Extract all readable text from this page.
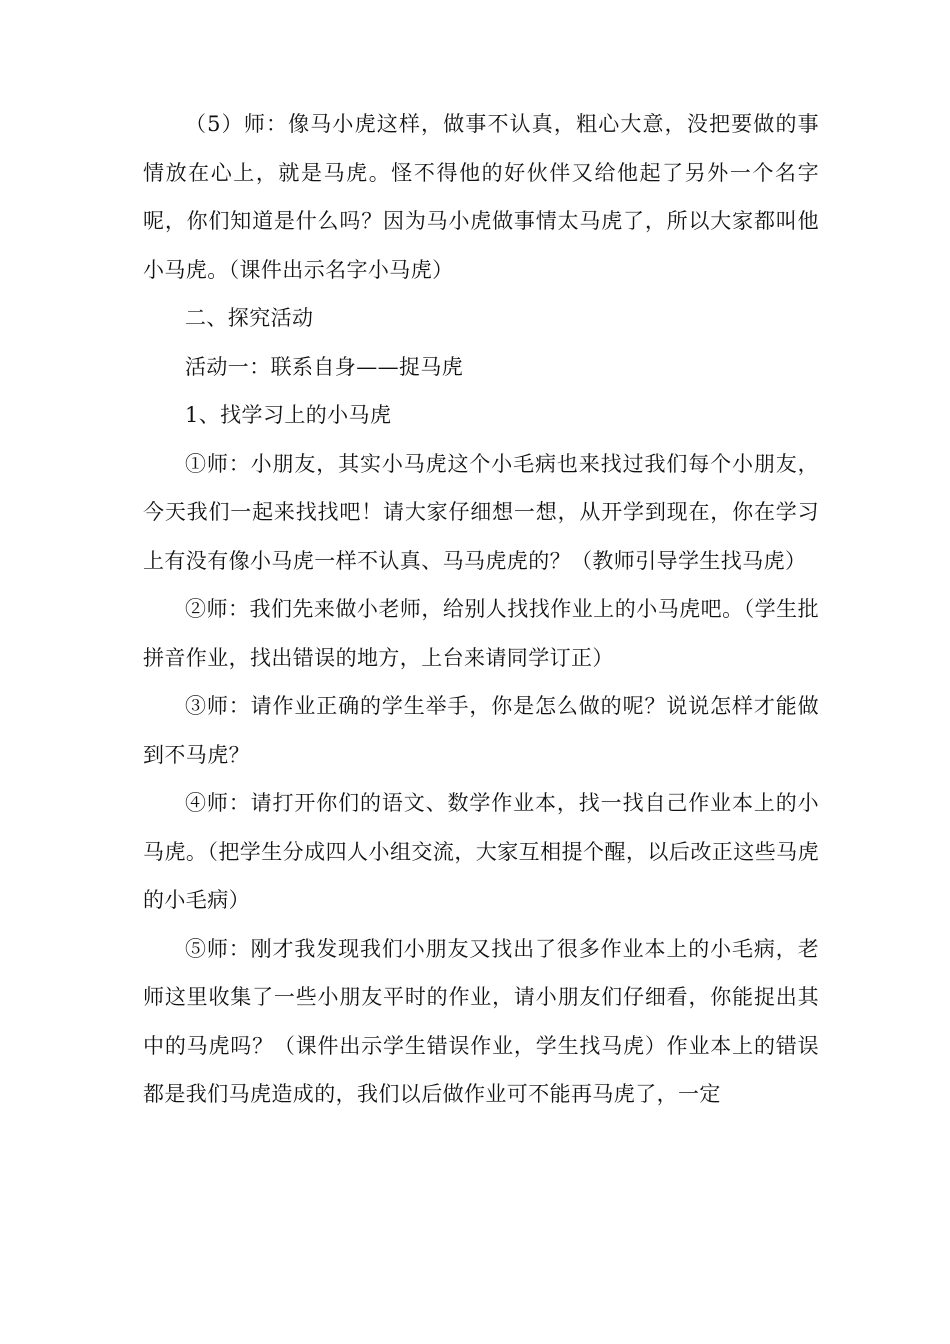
（5）师：像马小虎这样，做事不认真，粗心大意，没把要做的事情放在心上，就是马虎。怪不得他的好伙伴又给他起了另外一个名字呢，你们知道是什么吗？因为马小虎做事情太马虎了，所以大家都叫他小马虎。（课件出示名字小马虎）

二、探究活动

活动一：联系自身——捉马虎

1、找学习上的小马虎

①师：小朋友，其实小马虎这个小毛病也来找过我们每个小朋友，今天我们一起来找找吧！请大家仔细想一想，从开学到现在，你在学习上有没有像小马虎一样不认真、马马虎虎的？（教师引导学生找马虎）

②师：我们先来做小老师，给别人找找作业上的小马虎吧。（学生批拼音作业，找出错误的地方，上台来请同学订正）

③师：请作业正确的学生举手，你是怎么做的呢？说说怎样才能做到不马虎？

④师：请打开你们的语文、数学作业本，找一找自己作业本上的小马虎。（把学生分成四人小组交流，大家互相提个醒，以后改正这些马虎的小毛病）

⑤师：刚才我发现我们小朋友又找出了很多作业本上的小毛病，老师这里收集了一些小朋友平时的作业，请小朋友们仔细看，你能捉出其中的马虎吗？（课件出示学生错误作业，学生找马虎）作业本上的错误都是我们马虎造成的，我们以后做作业可不能再马虎了，一定
